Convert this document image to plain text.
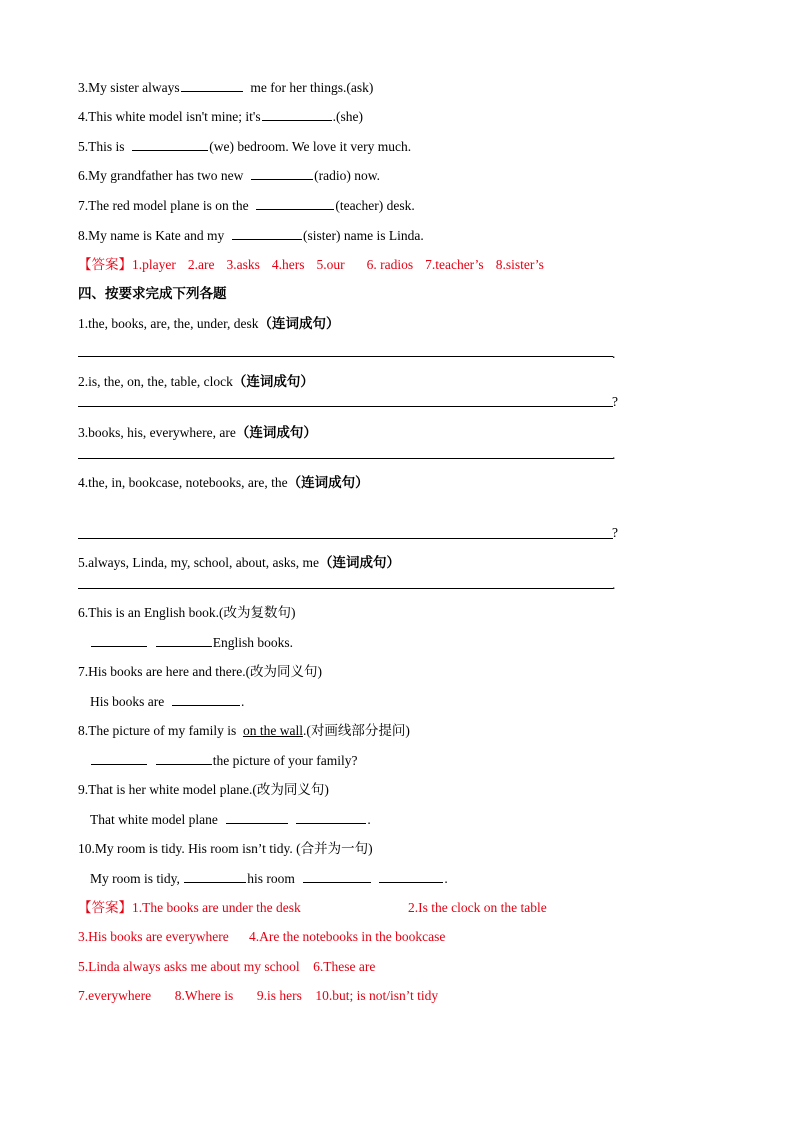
3.My sister always	me for her things.(ask)
4.This white model isn't mine; it's	.(she)
5.This is	(we) bedroom. We love it very much.
6.My grandfather has two new	(radio) now.
7.The red model plane is on the	(teacher) desk.
8.My name is Kate and my	(sister) name is Linda.
【答案】1.player 2.are 3.asks 4.hers 5.our 6. radios 7.teacher’s 8.sister’s
四、按要求完成下列各题
1.the, books, are, the, under, desk（连词成句）
.
2.is, the, on, the, table, clock（连词成句）
?
3.books, his, everywhere, are（连词成句）
.
4.the, in, bookcase, notebooks, are, the（连词成句）
?
5.always, Linda, my, school, about, asks, me（连词成句）
.
6.This is an English book.(改为复数句)
English books.
7.His books are here and there.(改为同义句)
His books are	.
8.The picture of my family is on the wall.(对画线部分提问)
the picture of your family?
9.That is her white model plane.(改为同义句)
That white model plane	.
10.My room is tidy. His room isn’t tidy. (合并为一句)
My room is tidy,	his room	.
【答案】1.The books are under the desk	2.Is the clock on the table
3.His books are everywhere 4.Are the notebooks in the bookcase
5.Linda always asks me about my school 6.These are
7.everywhere 8.Where is 9.is hers 10.but; is not/isn’t tidy
